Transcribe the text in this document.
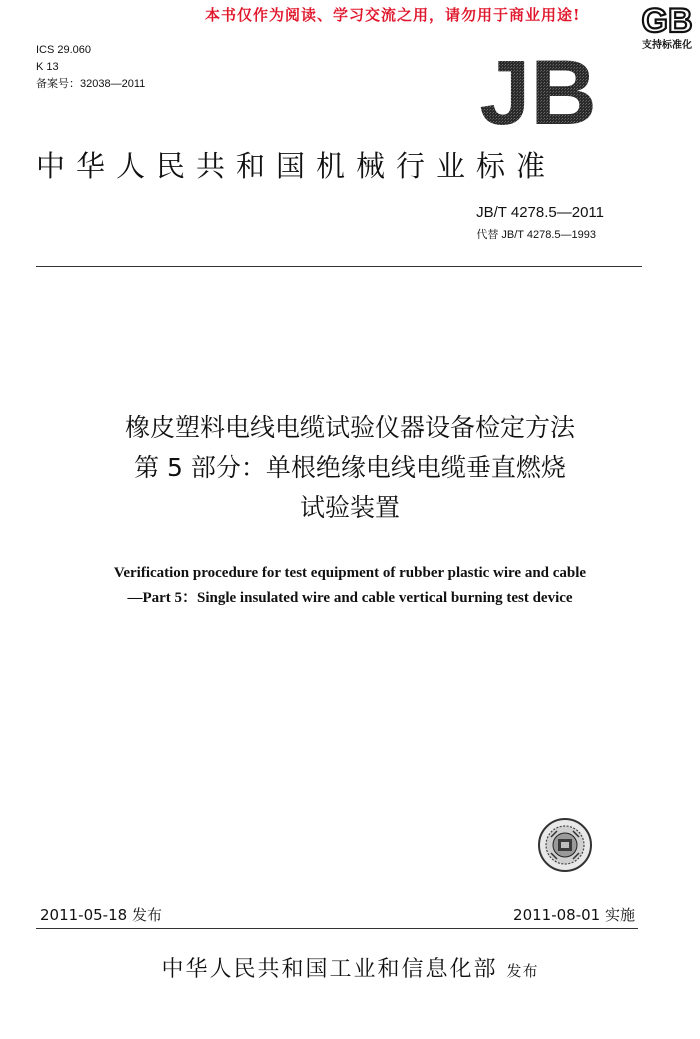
本书仅作为阅读、学习交流之用，请勿用于商业用途!	GB
支持标准化
ICS 29.060
K 13
备案号：32038—2011	JB
中华人民共和国机械行业标准
JB/T 4278.5—2011
代替 JB/T 4278.5—1993
橡皮塑料电线电缆试验仪器设备检定方法
第 5 部分：单根绝缘电线电缆垂直燃烧
试验装置
Verification procedure for test equipment of rubber plastic wire and cable
—Part 5：Single insulated wire and cable vertical burning test device
2011-05-18 发布	2011-08-01 实施
中华人民共和国工业和信息化部 发布
